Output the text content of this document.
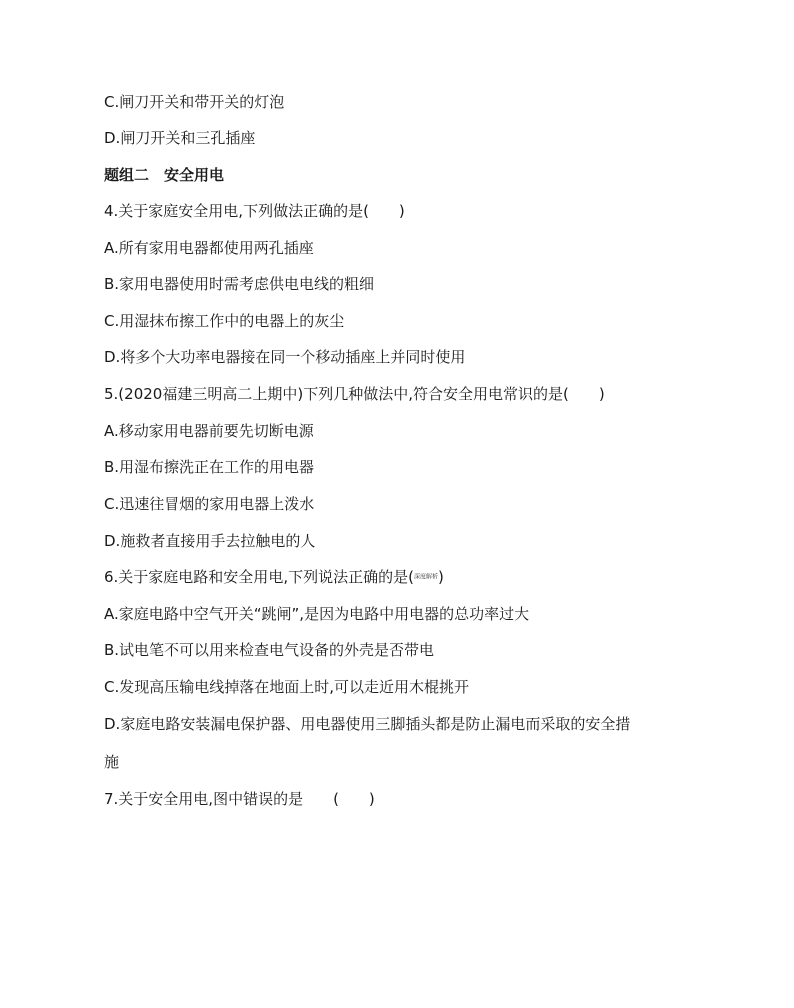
C.闸刀开关和带开关的灯泡
D.闸刀开关和三孔插座
题组二　安全用电
4.关于家庭安全用电,下列做法正确的是(　　)
A.所有家用电器都使用两孔插座
B.家用电器使用时需考虑供电电线的粗细
C.用湿抹布擦工作中的电器上的灰尘
D.将多个大功率电器接在同一个移动插座上并同时使用
5.(2020福建三明高二上期中)下列几种做法中,符合安全用电常识的是(　　)
A.移动家用电器前要先切断电源
B.用湿布擦洗正在工作的用电器
C.迅速往冒烟的家用电器上泼水
D.施救者直接用手去拉触电的人
6.关于家庭电路和安全用电,下列说法正确的是(深度解析)
A.家庭电路中空气开关“跳闸”,是因为电路中用电器的总功率过大
B.试电笔不可以用来检查电气设备的外壳是否带电
C.发现高压输电线掉落在地面上时,可以走近用木棍挑开
D.家庭电路安装漏电保护器、用电器使用三脚插头都是防止漏电而采取的安全措
施
7.关于安全用电,图中错误的是　　(　　)
